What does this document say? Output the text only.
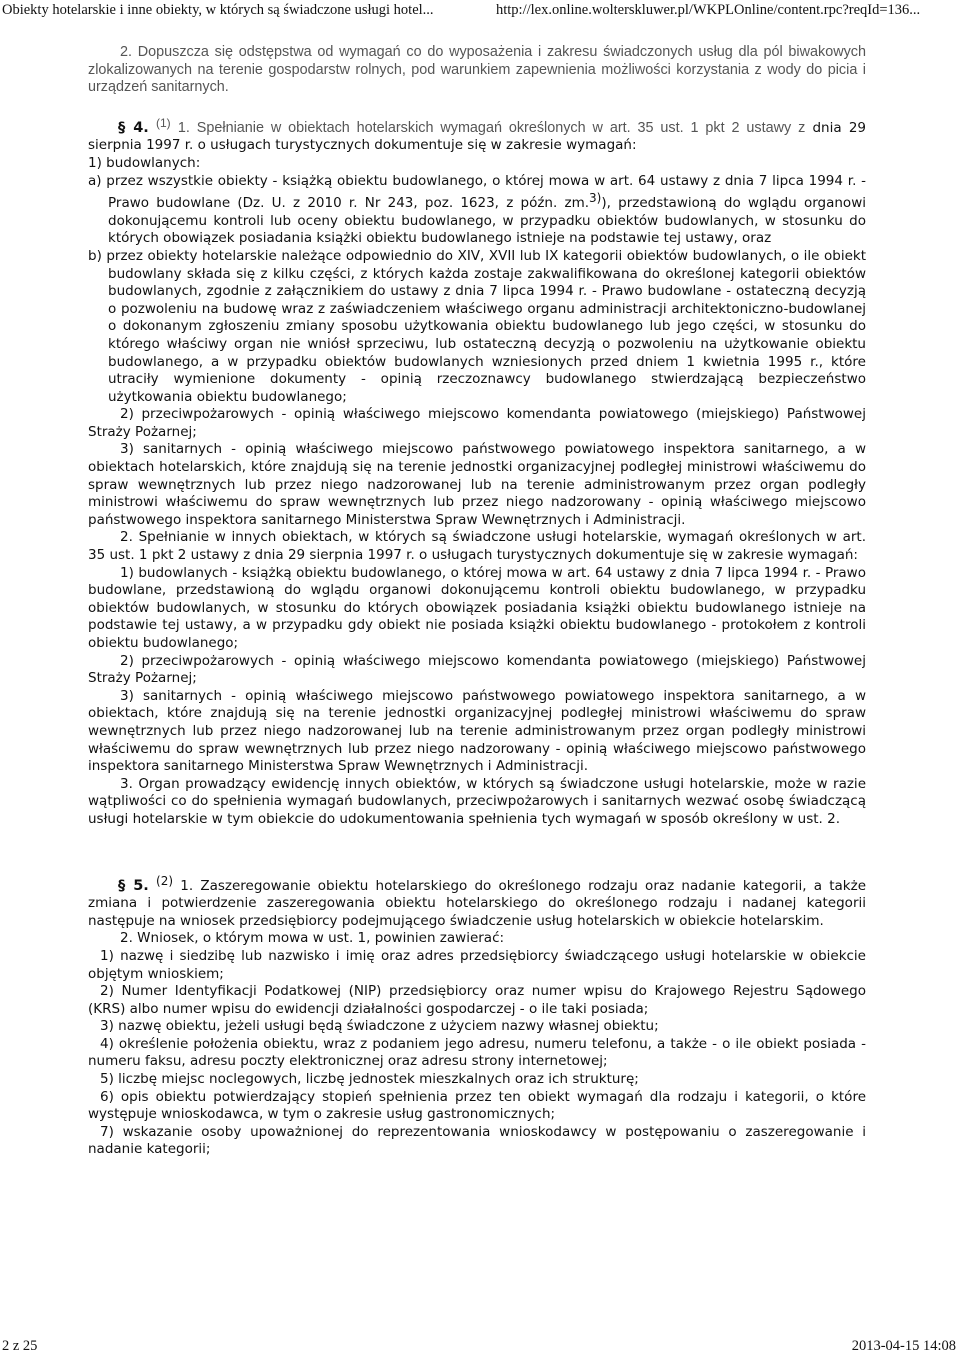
Obiekty hotelarskie i inne obiekty, w których są świadczone usługi hotel...	http://lex.online.wolterskluwer.pl/WKPLOnline/content.rpc?reqId=136...

2. Dopuszcza się odstępstwa od wymagań co do wyposażenia i zakresu świadczonych usług dla pól biwakowych zlokalizowanych na terenie gospodarstw rolnych, pod warunkiem zapewnienia możliwości korzystania z wody do picia i urządzeń sanitarnych.

§ 4. (1) 1. Spełnianie w obiektach hotelarskich wymagań określonych w art. 35 ust. 1 pkt 2 ustawy z dnia 29 sierpnia 1997 r. o usługach turystycznych dokumentuje się w zakresie wymagań:

1) budowlanych:

a) przez wszystkie obiekty - książką obiektu budowlanego, o której mowa w art. 64 ustawy z dnia 7 lipca 1994 r. - Prawo budowlane (Dz. U. z 2010 r. Nr 243, poz. 1623, z późn. zm.3)), przedstawioną do wglądu organowi dokonującemu kontroli lub oceny obiektu budowlanego, w przypadku obiektów budowlanych, w stosunku do których obowiązek posiadania książki obiektu budowlanego istnieje na podstawie tej ustawy, oraz

b) przez obiekty hotelarskie należące odpowiednio do XIV, XVII lub IX kategorii obiektów budowlanych, o ile obiekt budowlany składa się z kilku części, z których każda zostaje zakwalifikowana do określonej kategorii obiektów budowlanych, zgodnie z załącznikiem do ustawy z dnia 7 lipca 1994 r. - Prawo budowlane - ostateczną decyzją o pozwoleniu na budowę wraz z zaświadczeniem właściwego organu administracji architektoniczno-budowlanej o dokonanym zgłoszeniu zmiany sposobu użytkowania obiektu budowlanego lub jego części, w stosunku do którego właściwy organ nie wniósł sprzeciwu, lub ostateczną decyzją o pozwoleniu na użytkowanie obiektu budowlanego, a w przypadku obiektów budowlanych wzniesionych przed dniem 1 kwietnia 1995 r., które utraciły wymienione dokumenty - opinią rzeczoznawcy budowlanego stwierdzającą bezpieczeństwo użytkowania obiektu budowlanego;

2) przeciwpożarowych - opinią właściwego miejscowo komendanta powiatowego (miejskiego) Państwowej Straży Pożarnej;

3) sanitarnych - opinią właściwego miejscowo państwowego powiatowego inspektora sanitarnego, a w obiektach hotelarskich, które znajdują się na terenie jednostki organizacyjnej podległej ministrowi właściwemu do spraw wewnętrznych lub przez niego nadzorowanej lub na terenie administrowanym przez organ podległy ministrowi właściwemu do spraw wewnętrznych lub przez niego nadzorowany - opinią właściwego miejscowo państwowego inspektora sanitarnego Ministerstwa Spraw Wewnętrznych i Administracji.

2. Spełnianie w innych obiektach, w których są świadczone usługi hotelarskie, wymagań określonych w art. 35 ust. 1 pkt 2 ustawy z dnia 29 sierpnia 1997 r. o usługach turystycznych dokumentuje się w zakresie wymagań:

1) budowlanych - książką obiektu budowlanego, o której mowa w art. 64 ustawy z dnia 7 lipca 1994 r. - Prawo budowlane, przedstawioną do wglądu organowi dokonującemu kontroli obiektu budowlanego, w przypadku obiektów budowlanych, w stosunku do których obowiązek posiadania książki obiektu budowlanego istnieje na podstawie tej ustawy, a w przypadku gdy obiekt nie posiada książki obiektu budowlanego - protokołem z kontroli obiektu budowlanego;

2) przeciwpożarowych - opinią właściwego miejscowo komendanta powiatowego (miejskiego) Państwowej Straży Pożarnej;

3) sanitarnych - opinią właściwego miejscowo państwowego powiatowego inspektora sanitarnego, a w obiektach, które znajdują się na terenie jednostki organizacyjnej podległej ministrowi właściwemu do spraw wewnętrznych lub przez niego nadzorowanej lub na terenie administrowanym przez organ podległy ministrowi właściwemu do spraw wewnętrznych lub przez niego nadzorowany - opinią właściwego miejscowo państwowego inspektora sanitarnego Ministerstwa Spraw Wewnętrznych i Administracji.

3. Organ prowadzący ewidencję innych obiektów, w których są świadczone usługi hotelarskie, może w razie wątpliwości co do spełnienia wymagań budowlanych, przeciwpożarowych i sanitarnych wezwać osobę świadczącą usługi hotelarskie w tym obiekcie do udokumentowania spełnienia tych wymagań w sposób określony w ust. 2.

§ 5. (2) 1. Zaszeregowanie obiektu hotelarskiego do określonego rodzaju oraz nadanie kategorii, a także zmiana i potwierdzenie zaszeregowania obiektu hotelarskiego do określonego rodzaju i nadanej kategorii następuje na wniosek przedsiębiorcy podejmującego świadczenie usług hotelarskich w obiekcie hotelarskim.

2. Wniosek, o którym mowa w ust. 1, powinien zawierać:

1) nazwę i siedzibę lub nazwisko i imię oraz adres przedsiębiorcy świadczącego usługi hotelarskie w obiekcie objętym wnioskiem;

2) Numer Identyfikacji Podatkowej (NIP) przedsiębiorcy oraz numer wpisu do Krajowego Rejestru Sądowego (KRS) albo numer wpisu do ewidencji działalności gospodarczej - o ile taki posiada;

3) nazwę obiektu, jeżeli usługi będą świadczone z użyciem nazwy własnej obiektu;

4) określenie położenia obiektu, wraz z podaniem jego adresu, numeru telefonu, a także - o ile obiekt posiada - numeru faksu, adresu poczty elektronicznej oraz adresu strony internetowej;

5) liczbę miejsc noclegowych, liczbę jednostek mieszkalnych oraz ich strukturę;

6) opis obiektu potwierdzający stopień spełnienia przez ten obiekt wymagań dla rodzaju i kategorii, o które występuje wnioskodawca, w tym o zakresie usług gastronomicznych;

7) wskazanie osoby upoważnionej do reprezentowania wnioskodawcy w postępowaniu o zaszeregowanie i nadanie kategorii;

2 z 25	2013-04-15 14:08
